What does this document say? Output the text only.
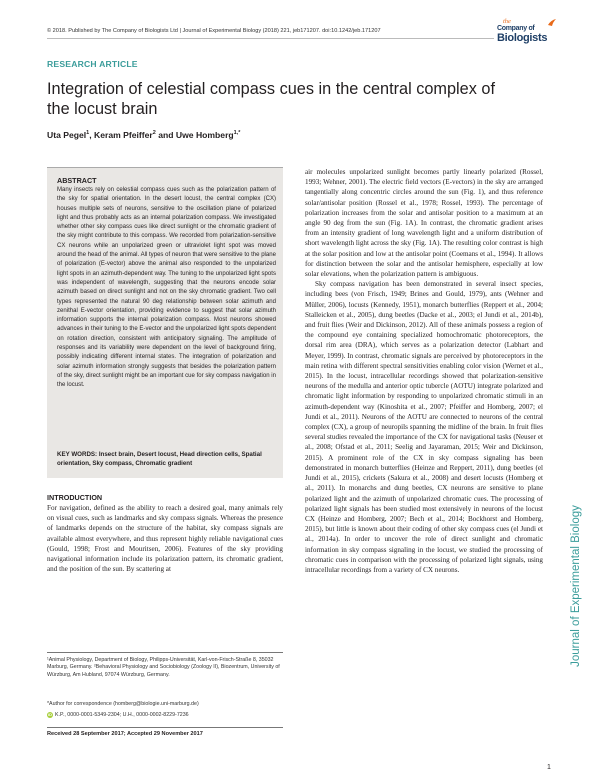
© 2018. Published by The Company of Biologists Ltd | Journal of Experimental Biology (2018) 221, jeb171207. doi:10.1242/jeb.171207
the
Company of
Biologists
RESEARCH ARTICLE
Integration of celestial compass cues in the central complex of the locust brain
Uta Pegel$^1$, Keram Pfeiffer$^2$ and Uwe Homberg$^{1,*}$
ABSTRACT
Many insects rely on celestial compass cues such as the polarization pattern of the sky for spatial orientation. In the desert locust, the central complex (CX) houses multiple sets of neurons, sensitive to the oscillation plane of polarized light and thus probably acts as an internal polarization compass. We investigated whether other sky compass cues like direct sunlight or the chromatic gradient of the sky might contribute to this compass. We recorded from polarization-sensitive CX neurons while an unpolarized green or ultraviolet light spot was moved around the head of the animal. All types of neuron that were sensitive to the plane of polarization (E-vector) above the animal also responded to the unpolarized light spots in an azimuth-dependent way. The tuning to the unpolarized light spots was independent of wavelength, suggesting that the neurons encode solar azimuth based on direct sunlight and not on the sky chromatic gradient. Two cell types represented the natural 90 deg relationship between solar azimuth and zenithal E-vector orientation, providing evidence to suggest that solar azimuth information supports the internal polarization compass. Most neurons showed advances in their tuning to the E-vector and the unpolarized light spots dependent on rotation direction, consistent with anticipatory signaling. The amplitude of responses and its variability were dependent on the level of background firing, possibly indicating different internal states. The integration of polarization and solar azimuth information strongly suggests that besides the polarization pattern of the sky, direct sunlight might be an important cue for sky compass navigation in the locust.
KEY WORDS: Insect brain, Desert locust, Head direction cells, Spatial orientation, Sky compass, Chromatic gradient
INTRODUCTION
For navigation, defined as the ability to reach a desired goal, many animals rely on visual cues, such as landmarks and sky compass signals. Whereas the presence of landmarks depends on the structure of the habitat, sky compass signals are available almost everywhere, and thus represent highly reliable navigational cues (Gould, 1998; Frost and Mouritsen, 2006). Features of the sky providing navigational information include its polarization pattern, its chromatic gradient, and the position of the sun. By scattering at
¹Animal Physiology, Department of Biology, Philipps-Universität, Karl-von-Frisch-Straße 8, 35032 Marburg, Germany. ²Behavioral Physiology and Sociobiology (Zoology II), Biozentrum, University of Würzburg, Am Hubland, 97074 Würzburg, Germany.
*Author for correspondence (homberg@biologie.uni-marburg.de)
iD K.P., 0000-0001-5349-2304; U.H., 0000-0002-8229-7236
Received 28 September 2017; Accepted 29 November 2017

air molecules unpolarized sunlight becomes partly linearly polarized (Rossel, 1993; Wehner, 2001). The electric field vectors (E-vectors) in the sky are arranged tangentially along concentric circles around the sun (Fig. 1), and thus reference solar/antisolar position (Rossel et al., 1978; Rossel, 1993). The percentage of polarization increases from the solar and antisolar position to a maximum at an angle 90 deg from the sun (Fig. 1A). In contrast, the chromatic gradient arises from an intensity gradient of long wavelength light and a uniform distribution of short wavelength light across the sky (Fig. 1A). The resulting color contrast is high at the solar position and low at the antisolar point (Coemans et al., 1994). It allows for distinction between the solar and the antisolar hemisphere, especially at low solar elevations, when the polarization pattern is ambiguous.

Sky compass navigation has been demonstrated in several insect species, including bees (von Frisch, 1949; Brines and Gould, 1979), ants (Wehner and Müller, 2006), locusts (Kennedy, 1951), monarch butterflies (Reppert et al., 2004; Stalleicken et al., 2005), dung beetles (Dacke et al., 2003; el Jundi et al., 2014b), and fruit flies (Weir and Dickinson, 2012). All of these animals possess a region of the compound eye containing specialized homochromatic photoreceptors, the dorsal rim area (DRA), which serves as a polarization detector (Labhart and Meyer, 1999). In contrast, chromatic signals are perceived by photoreceptors in the main retina with different spectral sensitivities enabling color vision (Wernet et al., 2015). In the locust, intracellular recordings showed that polarization-sensitive neurons of the medulla and anterior optic tubercle (AOTU) integrate polarized and chromatic light information by responding to unpolarized chromatic stimuli in an azimuth-dependent way (Kinoshita et al., 2007; Pfeiffer and Homberg, 2007; el Jundi et al., 2011). Neurons of the AOTU are connected to neurons of the central complex (CX), a group of neuropils spanning the midline of the brain. In fruit flies several studies revealed the importance of the CX for navigational tasks (Neuser et al., 2008; Ofstad et al., 2011; Seelig and Jayaraman, 2015; Weir and Dickinson, 2015). A prominent role of the CX in sky compass signaling has been demonstrated in monarch butterflies (Heinze and Reppert, 2011), dung beetles (el Jundi et al., 2015), crickets (Sakura et al., 2008) and desert locusts (Homberg et al., 2011). In monarchs and dung beetles, CX neurons are sensitive to plane polarized light and the azimuth of unpolarized chromatic cues. The processing of polarized light signals has been studied most extensively in neurons of the locust CX (Heinze and Homberg, 2007; Bech et al., 2014; Bockhorst and Homberg, 2015), but little is known about their coding of other sky compass cues (el Jundi et al., 2014a). In order to uncover the role of direct sunlight and chromatic information in sky compass signaling in the locust, we studied the processing of chromatic cues in comparison with the processing of polarized light signals, using intracellular recordings from a variety of CX neurons.	Journal of Experimental Biology
1
